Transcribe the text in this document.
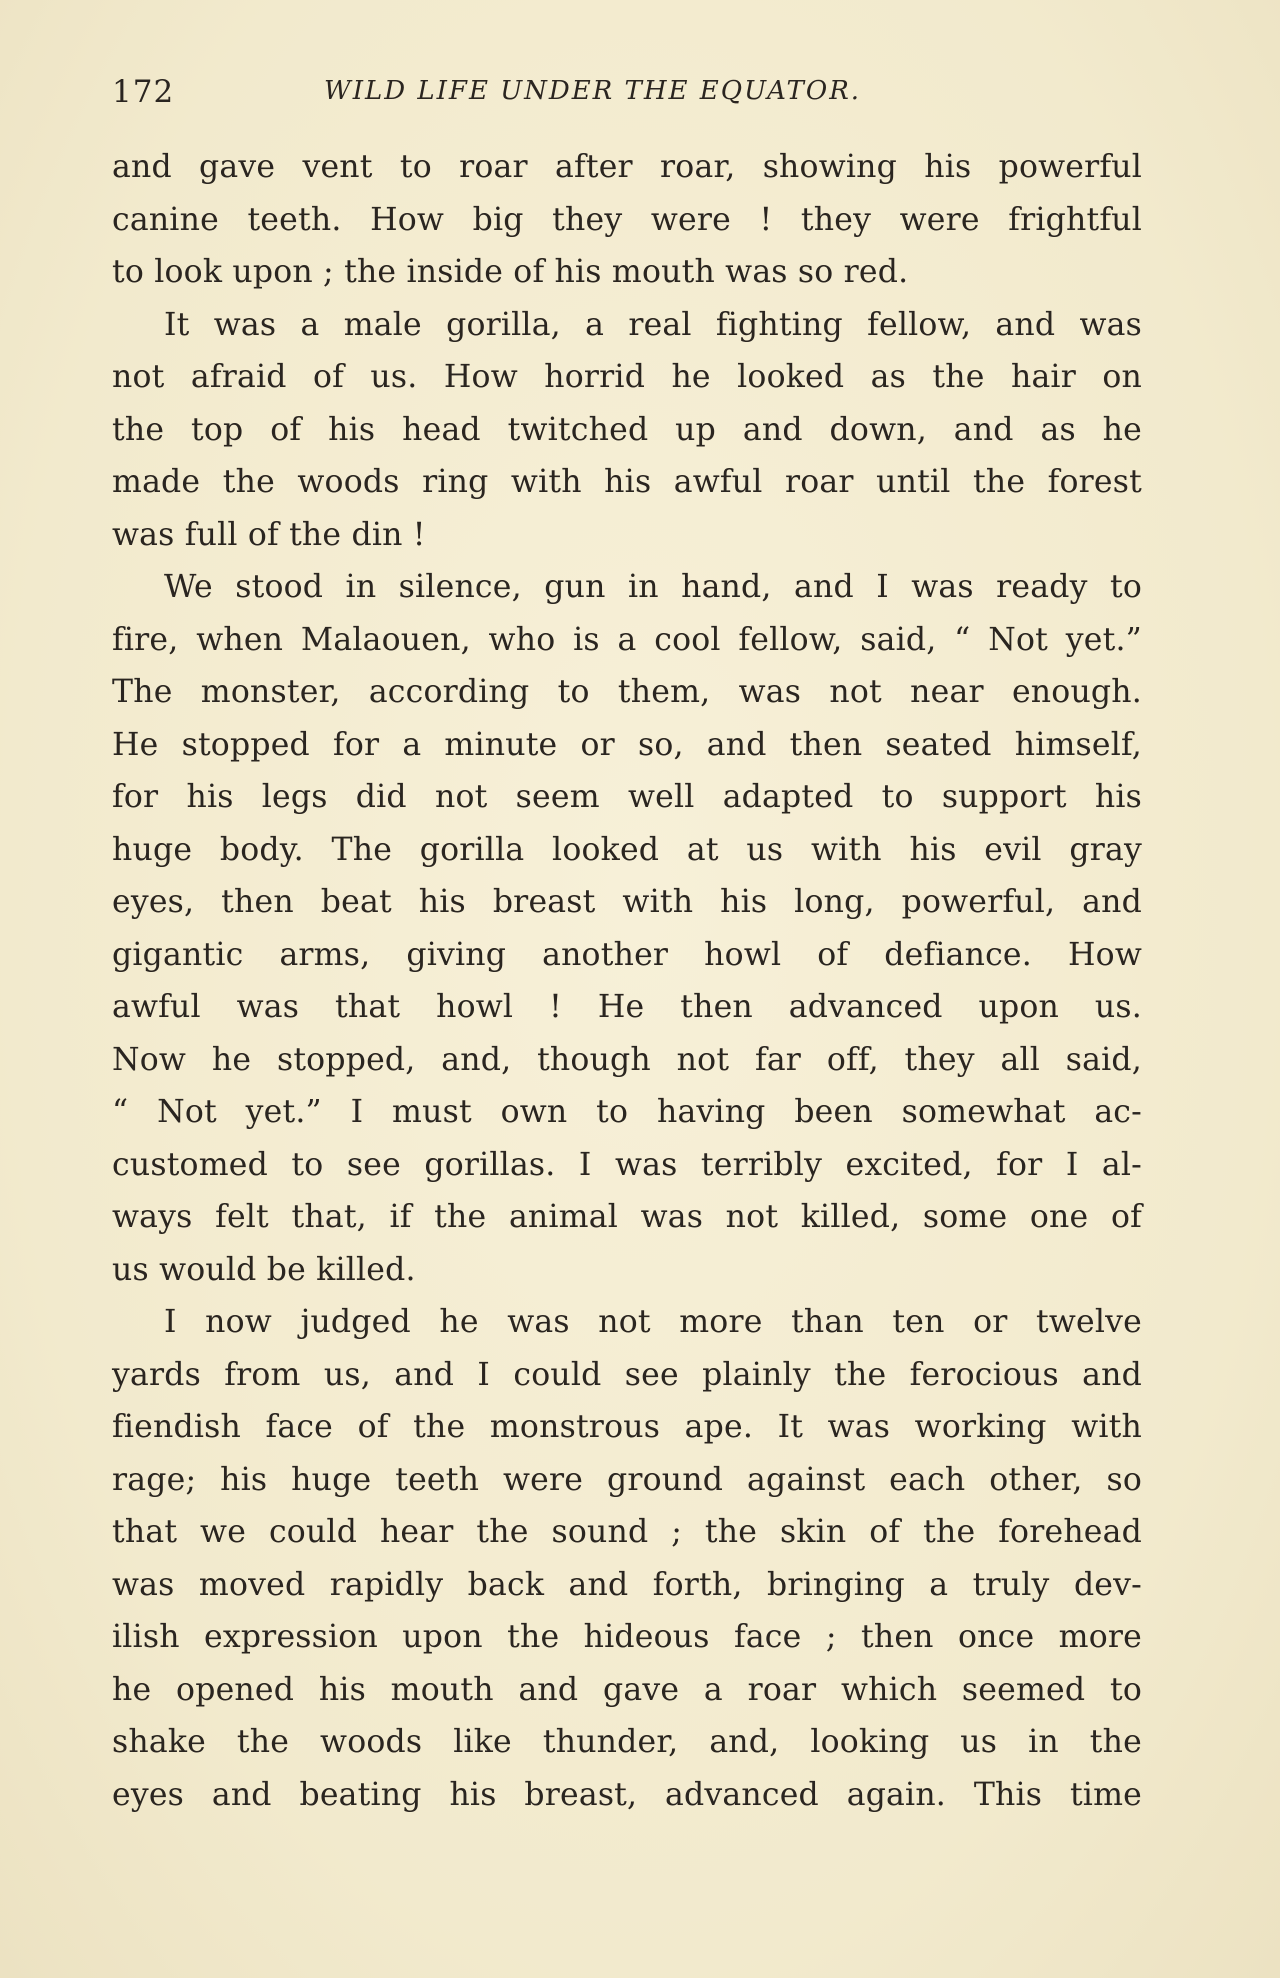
172	WILD LIFE UNDER THE EQUATOR.
and gave vent to roar after roar, showing his powerful
canine teeth. How big they were ! they were frightful
to look upon ; the inside of his mouth was so red.
It was a male gorilla, a real fighting fellow, and was
not afraid of us. How horrid he looked as the hair on
the top of his head twitched up and down, and as he
made the woods ring with his awful roar until the forest
was full of the din !
We stood in silence, gun in hand, and I was ready to
fire, when Malaouen, who is a cool fellow, said, “ Not yet.”
The monster, according to them, was not near enough.
He stopped for a minute or so, and then seated himself,
for his legs did not seem well adapted to support his
huge body. The gorilla looked at us with his evil gray
eyes, then beat his breast with his long, powerful, and
gigantic arms, giving another howl of defiance. How
awful was that howl ! He then advanced upon us.
Now he stopped, and, though not far off, they all said,
“ Not yet.” I must own to having been somewhat ac-
customed to see gorillas. I was terribly excited, for I al-
ways felt that, if the animal was not killed, some one of
us would be killed.
I now judged he was not more than ten or twelve
yards from us, and I could see plainly the ferocious and
fiendish face of the monstrous ape. It was working with
rage; his huge teeth were ground against each other, so
that we could hear the sound ; the skin of the forehead
was moved rapidly back and forth, bringing a truly dev-
ilish expression upon the hideous face ; then once more
he opened his mouth and gave a roar which seemed to
shake the woods like thunder, and, looking us in the
eyes and beating his breast, advanced again. This time
